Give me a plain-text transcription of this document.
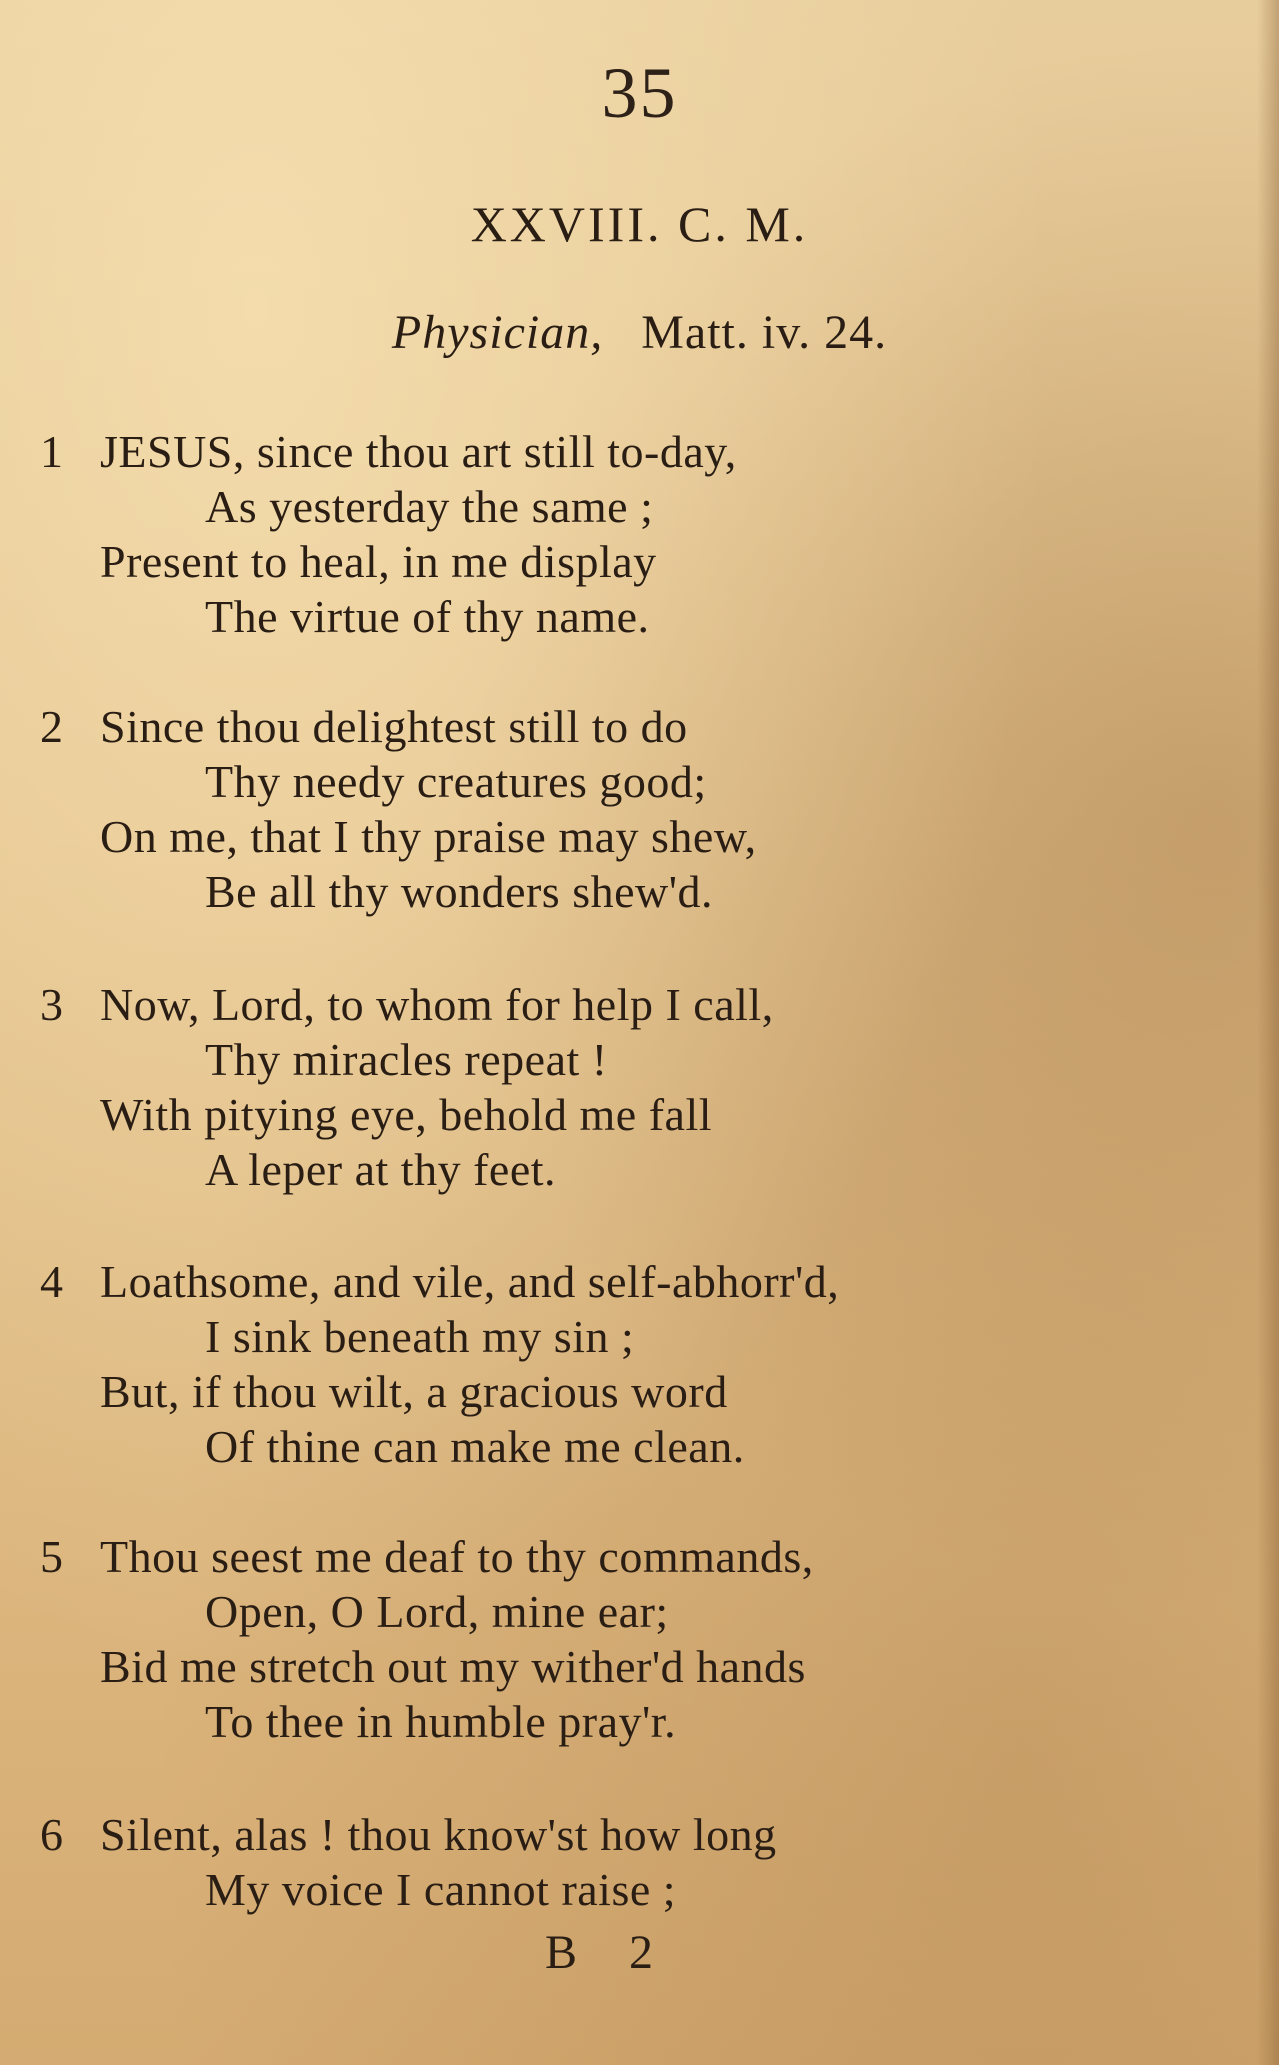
35
XXVIII. C. M.
Physician, Matt. iv. 24.
1 JESUS, since thou art still to-day,
As yesterday the same ;
Present to heal, in me display
The virtue of thy name.
2 Since thou delightest still to do
Thy needy creatures good;
On me, that I thy praise may shew,
Be all thy wonders shew'd.
3 Now, Lord, to whom for help I call,
Thy miracles repeat !
With pitying eye, behold me fall
A leper at thy feet.
4 Loathsome, and vile, and self-abhorr'd,
I sink beneath my sin ;
But, if thou wilt, a gracious word
Of thine can make me clean.
5 Thou seest me deaf to thy commands,
Open, O Lord, mine ear;
Bid me stretch out my wither'd hands
To thee in humble pray'r.
6 Silent, alas ! thou know'st how long
My voice I cannot raise ;
B 2
